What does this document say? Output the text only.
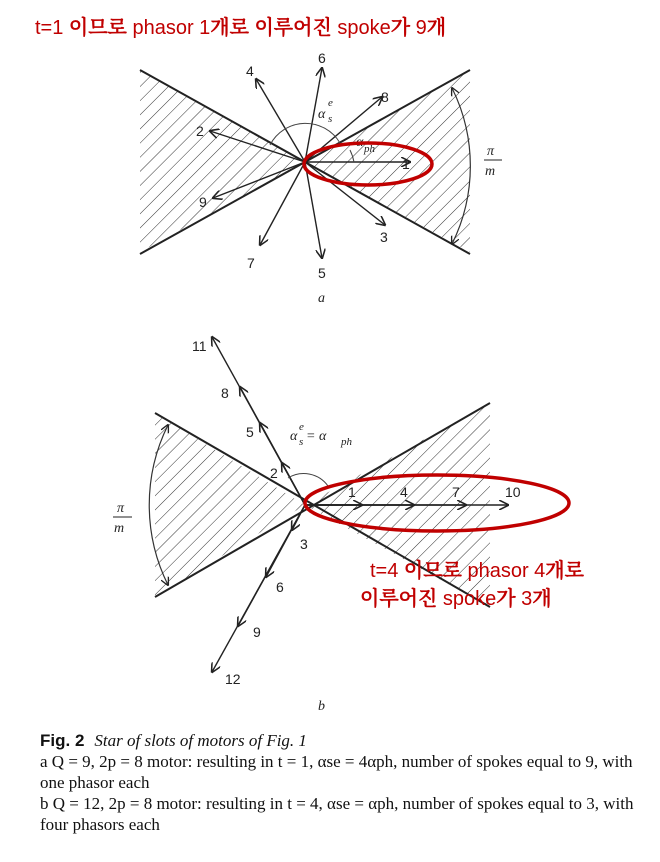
t=1 이므로 phasor 1개로 이루어진 spoke가 9개
1
2
3
4
5
6
7
8
9
α
e
s
α ph	π
m
a
1
2
3
4
5
6
7
8
9
10
11
12
α
e
s = α ph
π
m
b
t=4 이므로 phasor 4개로
이루어진 spoke가 3개

Fig. 2 Star of slots of motors of Fig. 1

a Q = 9, 2p = 8 motor: resulting in t = 1, αse = 4αph, number of spokes equal to 9, with one phasor each

b Q = 12, 2p = 8 motor: resulting in t = 4, αse = αph, number of spokes equal to 3, with four phasors each
